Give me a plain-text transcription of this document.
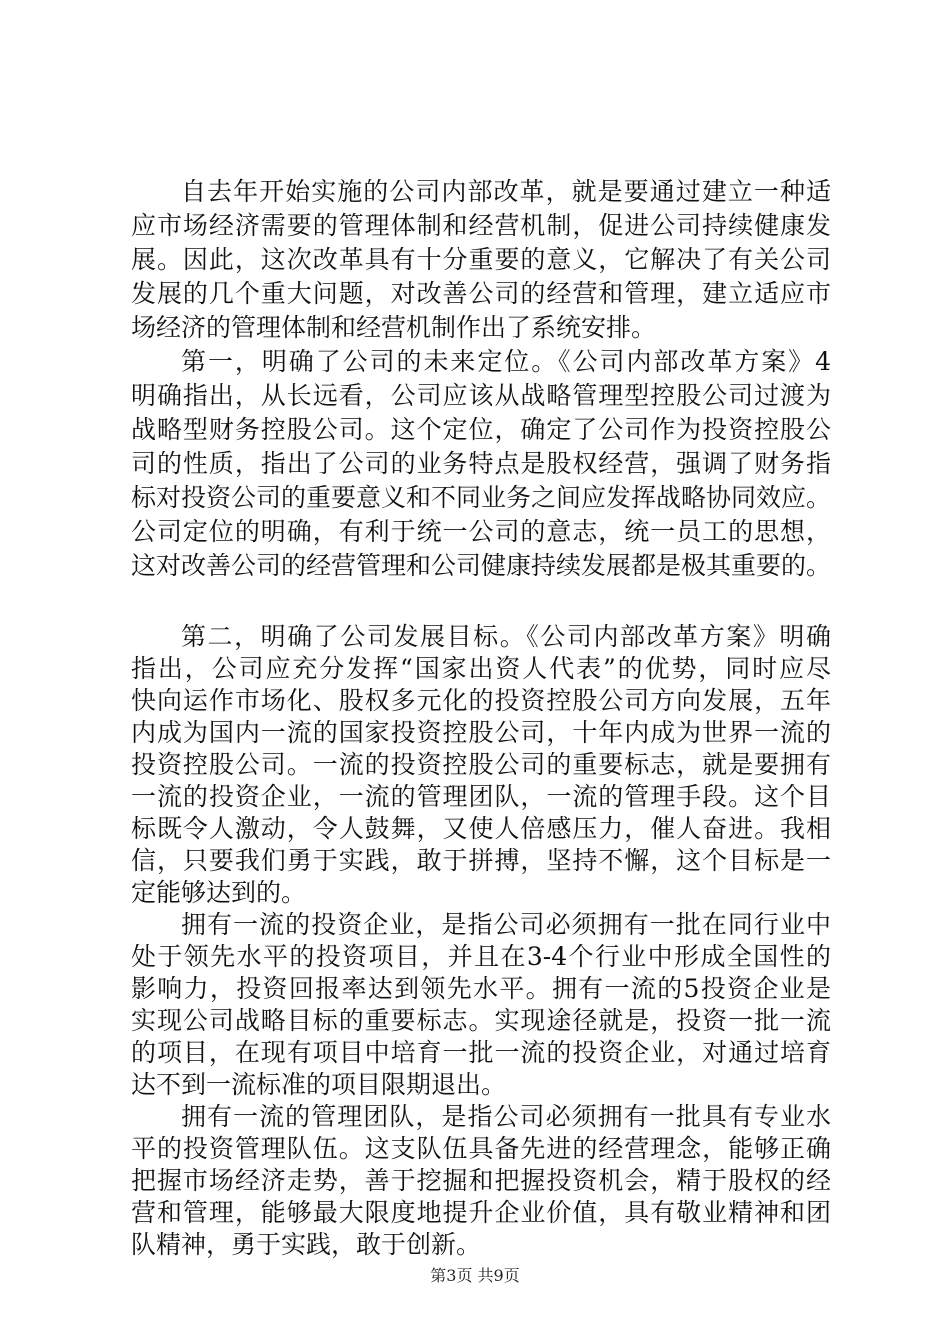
自去年开始实施的公司内部改革，就是要通过建立一种适
应市场经济需要的管理体制和经营机制，促进公司持续健康发
展。因此，这次改革具有十分重要的意义，它解决了有关公司
发展的几个重大问题，对改善公司的经营和管理，建立适应市
场经济的管理体制和经营机制作出了系统安排。
第一，明确了公司的未来定位。《公司内部改革方案》4
明确指出，从长远看，公司应该从战略管理型控股公司过渡为
战略型财务控股公司。这个定位，确定了公司作为投资控股公
司的性质，指出了公司的业务特点是股权经营，强调了财务指
标对投资公司的重要意义和不同业务之间应发挥战略协同效应。
公司定位的明确，有利于统一公司的意志，统一员工的思想，
这对改善公司的经营管理和公司健康持续发展都是极其重要的。
第二，明确了公司发展目标。《公司内部改革方案》明确
指出，公司应充分发挥“国家出资人代表”的优势，同时应尽
快向运作市场化、股权多元化的投资控股公司方向发展，五年
内成为国内一流的国家投资控股公司，十年内成为世界一流的
投资控股公司。一流的投资控股公司的重要标志，就是要拥有
一流的投资企业，一流的管理团队，一流的管理手段。这个目
标既令人激动，令人鼓舞，又使人倍感压力，催人奋进。我相
信，只要我们勇于实践，敢于拼搏，坚持不懈，这个目标是一
定能够达到的。
拥有一流的投资企业，是指公司必须拥有一批在同行业中
处于领先水平的投资项目，并且在3-4个行业中形成全国性的
影响力，投资回报率达到领先水平。拥有一流的5投资企业是
实现公司战略目标的重要标志。实现途径就是，投资一批一流
的项目，在现有项目中培育一批一流的投资企业，对通过培育
达不到一流标准的项目限期退出。
拥有一流的管理团队，是指公司必须拥有一批具有专业水
平的投资管理队伍。这支队伍具备先进的经营理念，能够正确
把握市场经济走势，善于挖掘和把握投资机会，精于股权的经
营和管理，能够最大限度地提升企业价值，具有敬业精神和团
队精神，勇于实践，敢于创新。
第3页 共9页
